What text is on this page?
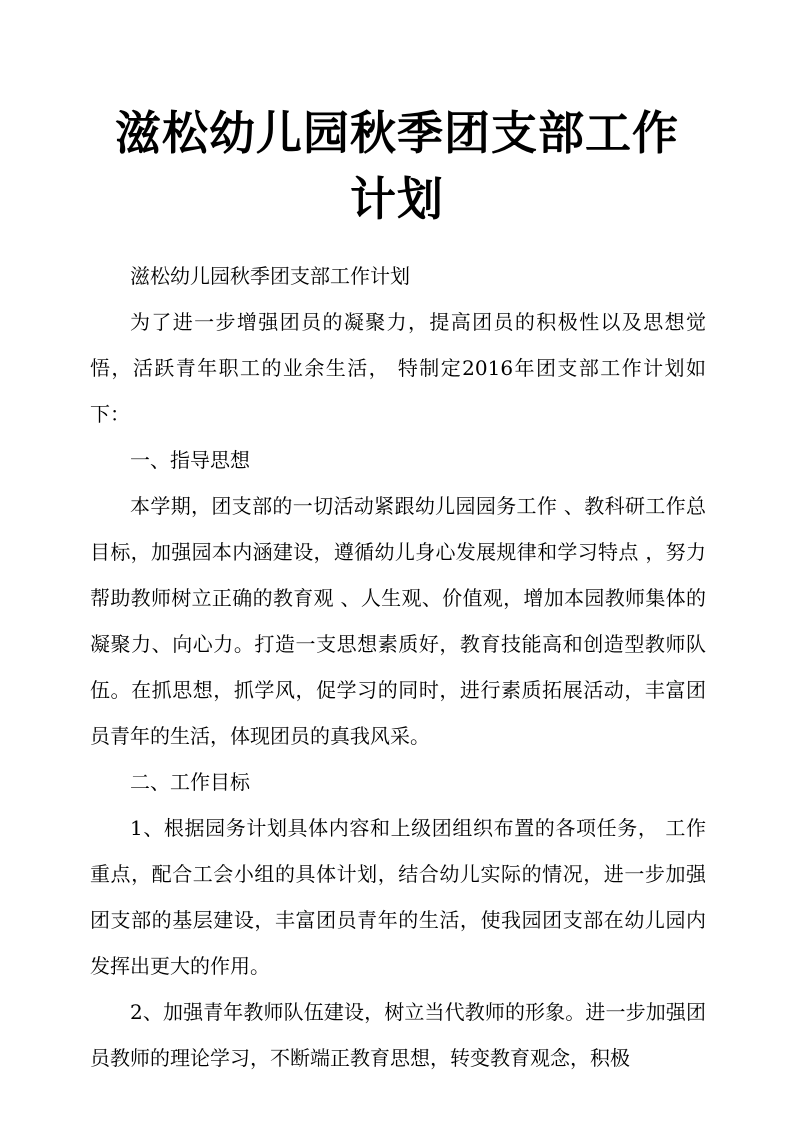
滋松幼儿园秋季团支部工作
计划

滋松幼儿园秋季团支部工作计划

为了进一步增强团员的凝聚力，提高团员的积极性以及思想觉悟，活跃青年职工的业余生活， 特制定2016年团支部工作计划如下：

一、指导思想

本学期，团支部的一切活动紧跟幼儿园园务工作 、教科研工作总目标，加强园本内涵建设，遵循幼儿身心发展规律和学习特点 ，努力帮助教师树立正确的教育观 、人生观、价值观，增加本园教师集体的凝聚力、向心力。打造一支思想素质好，教育技能高和创造型教师队伍。在抓思想，抓学风，促学习的同时，进行素质拓展活动，丰富团员青年的生活，体现团员的真我风采。

二、工作目标

1、根据园务计划具体内容和上级团组织布置的各项任务， 工作重点，配合工会小组的具体计划，结合幼儿实际的情况，进一步加强团支部的基层建设，丰富团员青年的生活，使我园团支部在幼儿园内发挥出更大的作用。

2、加强青年教师队伍建设，树立当代教师的形象。进一步加强团员教师的理论学习，不断端正教育思想，转变教育观念，积极
